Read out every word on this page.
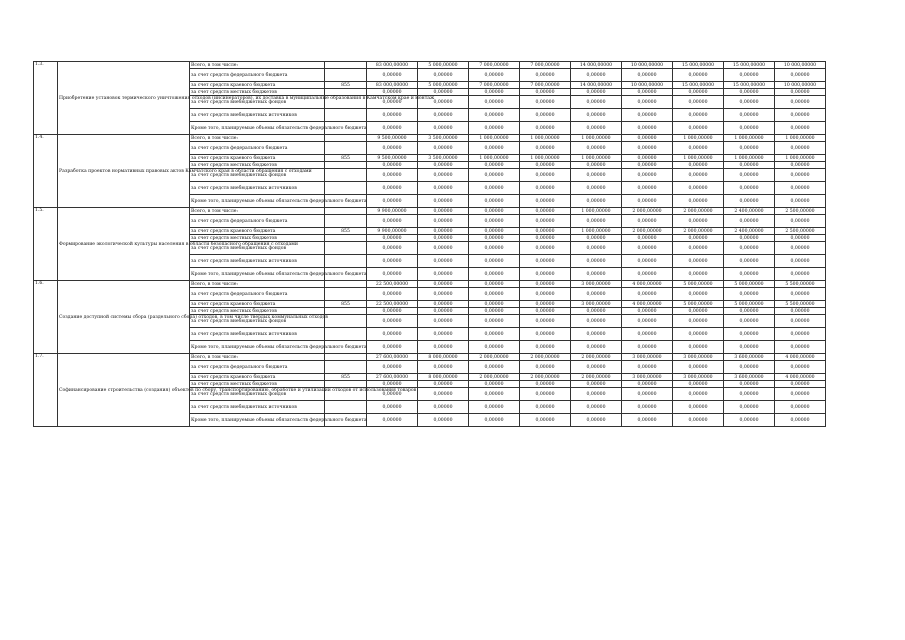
1.3.	Приобретение установок термического уничтожения отходов (инсинераторов), их доставка в муниципальные образования в Камчатском крае и монтаж	Всего, в том числе:		83 000,00000	5 000,00000	7 000,00000	7 000,00000	14 000,00000	10 000,00000	15 000,00000	15 000,00000	10 000,00000
		за счет средств федерального бюджета		0,00000	0,00000	0,00000	0,00000	0,00000	0,00000	0,00000	0,00000	0,00000
		за счет средств краевого бюджета	855	83 000,00000	5 000,00000	7 000,00000	7 000,00000	14 000,00000	10 000,00000	15 000,00000	15 000,00000	10 000,00000
		за счет средств местных бюджетов		0,00000	0,00000	0,00000	0,00000	0,00000	0,00000	0,00000	0,00000	0,00000
		за счет средств внебюджетных фондов		0,00000	0,00000	0,00000	0,00000	0,00000	0,00000	0,00000	0,00000	0,00000
		за счет средств внебюджетных источников		0,00000	0,00000	0,00000	0,00000	0,00000	0,00000	0,00000	0,00000	0,00000
		Кроме того, планируемые объемы обязательств федерального бюджета		0,00000	0,00000	0,00000	0,00000	0,00000	0,00000	0,00000	0,00000	0,00000
1.4.	Разработка проектов нормативных правовых актов Камчатского края в области обращения с отходами	Всего, в том числе:		9 500,00000	3 500,00000	1 000,00000	1 000,00000	1 000,00000	0,00000	1 000,00000	1 000,00000	1 000,00000
		за счет средств федерального бюджета		0,00000	0,00000	0,00000	0,00000	0,00000	0,00000	0,00000	0,00000	0,00000
		за счет средств краевого бюджета	855	9 500,00000	3 500,00000	1 000,00000	1 000,00000	1 000,00000	0,00000	1 000,00000	1 000,00000	1 000,00000
		за счет средств местных бюджетов		0,00000	0,00000	0,00000	0,00000	0,00000	0,00000	0,00000	0,00000	0,00000
		за счет средств внебюджетных фондов		0,00000	0,00000	0,00000	0,00000	0,00000	0,00000	0,00000	0,00000	0,00000
		за счет средств внебюджетных источников		0,00000	0,00000	0,00000	0,00000	0,00000	0,00000	0,00000	0,00000	0,00000
		Кроме того, планируемые объемы обязательств федерального бюджета		0,00000	0,00000	0,00000	0,00000	0,00000	0,00000	0,00000	0,00000	0,00000
1.5.	Формирование экологической культуры населения в области безопасного обращения с отходами	Всего, в том числе:		9 900,00000	0,00000	0,00000	0,00000	1 000,00000	2 000,00000	2 000,00000	2 400,00000	2 500,00000
		за счет средств федерального бюджета		0,00000	0,00000	0,00000	0,00000	0,00000	0,00000	0,00000	0,00000	0,00000
		за счет средств краевого бюджета	855	9 900,00000	0,00000	0,00000	0,00000	1 000,00000	2 000,00000	2 000,00000	2 400,00000	2 500,00000
		за счет средств местных бюджетов		0,00000	0,00000	0,00000	0,00000	0,00000	0,00000	0,00000	0,00000	0,00000
		за счет средств внебюджетных фондов		0,00000	0,00000	0,00000	0,00000	0,00000	0,00000	0,00000	0,00000	0,00000
		за счет средств внебюджетных источников		0,00000	0,00000	0,00000	0,00000	0,00000	0,00000	0,00000	0,00000	0,00000
		Кроме того, планируемые объемы обязательств федерального бюджета		0,00000	0,00000	0,00000	0,00000	0,00000	0,00000	0,00000	0,00000	0,00000
1.6.	Создание доступной системы сбора (раздельного сбора) отходов, в том числе твердых коммунальных отходов	Всего, в том числе:		22 500,00000	0,00000	0,00000	0,00000	3 000,00000	4 000,00000	5 000,00000	5 000,00000	5 500,00000
		за счет средств федерального бюджета		0,00000	0,00000	0,00000	0,00000	0,00000	0,00000	0,00000	0,00000	0,00000
		за счет средств краевого бюджета	855	22 500,00000	0,00000	0,00000	0,00000	3 000,00000	4 000,00000	5 000,00000	5 000,00000	5 500,00000
		за счет средств местных бюджетов		0,00000	0,00000	0,00000	0,00000	0,00000	0,00000	0,00000	0,00000	0,00000
		за счет средств внебюджетных фондов		0,00000	0,00000	0,00000	0,00000	0,00000	0,00000	0,00000	0,00000	0,00000
		за счет средств внебюджетных источников		0,00000	0,00000	0,00000	0,00000	0,00000	0,00000	0,00000	0,00000	0,00000
		Кроме того, планируемые объемы обязательств федерального бюджета		0,00000	0,00000	0,00000	0,00000	0,00000	0,00000	0,00000	0,00000	0,00000
1.7.	Софинансирование строительства (создания) объектов по сбору, транспортированию, обработке и утилизации отходов от использования товаров	Всего, в том числе:		27 600,00000	8 000,00000	2 000,00000	2 000,00000	2 000,00000	3 000,00000	3 000,00000	3 600,00000	4 000,00000
		за счет средств федерального бюджета		0,00000	0,00000	0,00000	0,00000	0,00000	0,00000	0,00000	0,00000	0,00000
		за счет средств краевого бюджета	855	27 600,00000	8 000,00000	2 000,00000	2 000,00000	2 000,00000	3 000,00000	3 000,00000	3 600,00000	4 000,00000
		за счет средств местных бюджетов		0,00000	0,00000	0,00000	0,00000	0,00000	0,00000	0,00000	0,00000	0,00000
		за счет средств внебюджетных фондов		0,00000	0,00000	0,00000	0,00000	0,00000	0,00000	0,00000	0,00000	0,00000
		за счет средств внебюджетных источников		0,00000	0,00000	0,00000	0,00000	0,00000	0,00000	0,00000	0,00000	0,00000
		Кроме того, планируемые объемы обязательств федерального бюджета		0,00000	0,00000	0,00000	0,00000	0,00000	0,00000	0,00000	0,00000	0,00000
